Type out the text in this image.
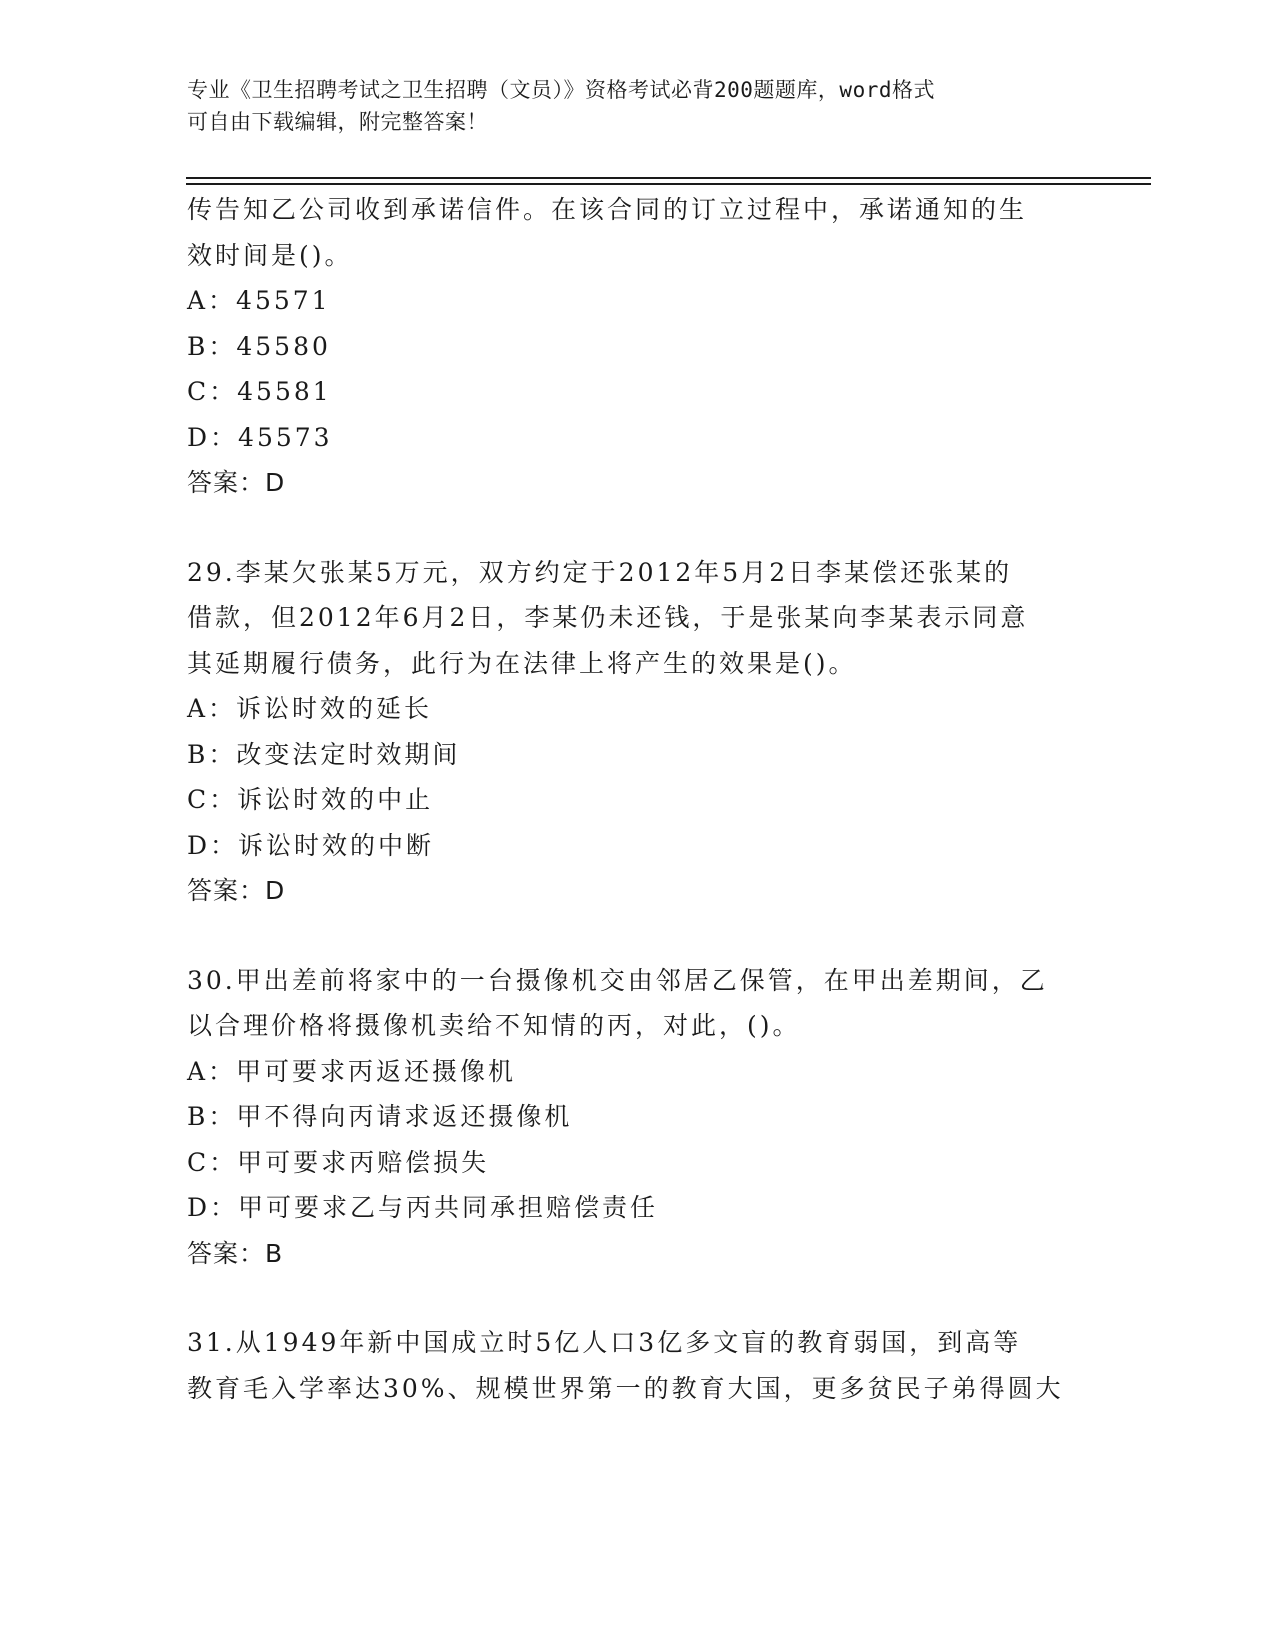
专业《卫生招聘考试之卫生招聘（文员）》资格考试必背200题题库，word格式
可自由下载编辑，附完整答案！
传告知乙公司收到承诺信件。在该合同的订立过程中，承诺通知的生
效时间是()。
A：45571
B：45580
C：45581
D：45573
答案：D
29.李某欠张某5万元，双方约定于2012年5月2日李某偿还张某的
借款，但2012年6月2日，李某仍未还钱，于是张某向李某表示同意
其延期履行债务，此行为在法律上将产生的效果是()。
A：诉讼时效的延长
B：改变法定时效期间
C：诉讼时效的中止
D：诉讼时效的中断
答案：D
30.甲出差前将家中的一台摄像机交由邻居乙保管，在甲出差期间，乙
以合理价格将摄像机卖给不知情的丙，对此，()。
A：甲可要求丙返还摄像机
B：甲不得向丙请求返还摄像机
C：甲可要求丙赔偿损失
D：甲可要求乙与丙共同承担赔偿责任
答案：B
31.从1949年新中国成立时5亿人口3亿多文盲的教育弱国，到高等
教育毛入学率达30%、规模世界第一的教育大国，更多贫民子弟得圆大
